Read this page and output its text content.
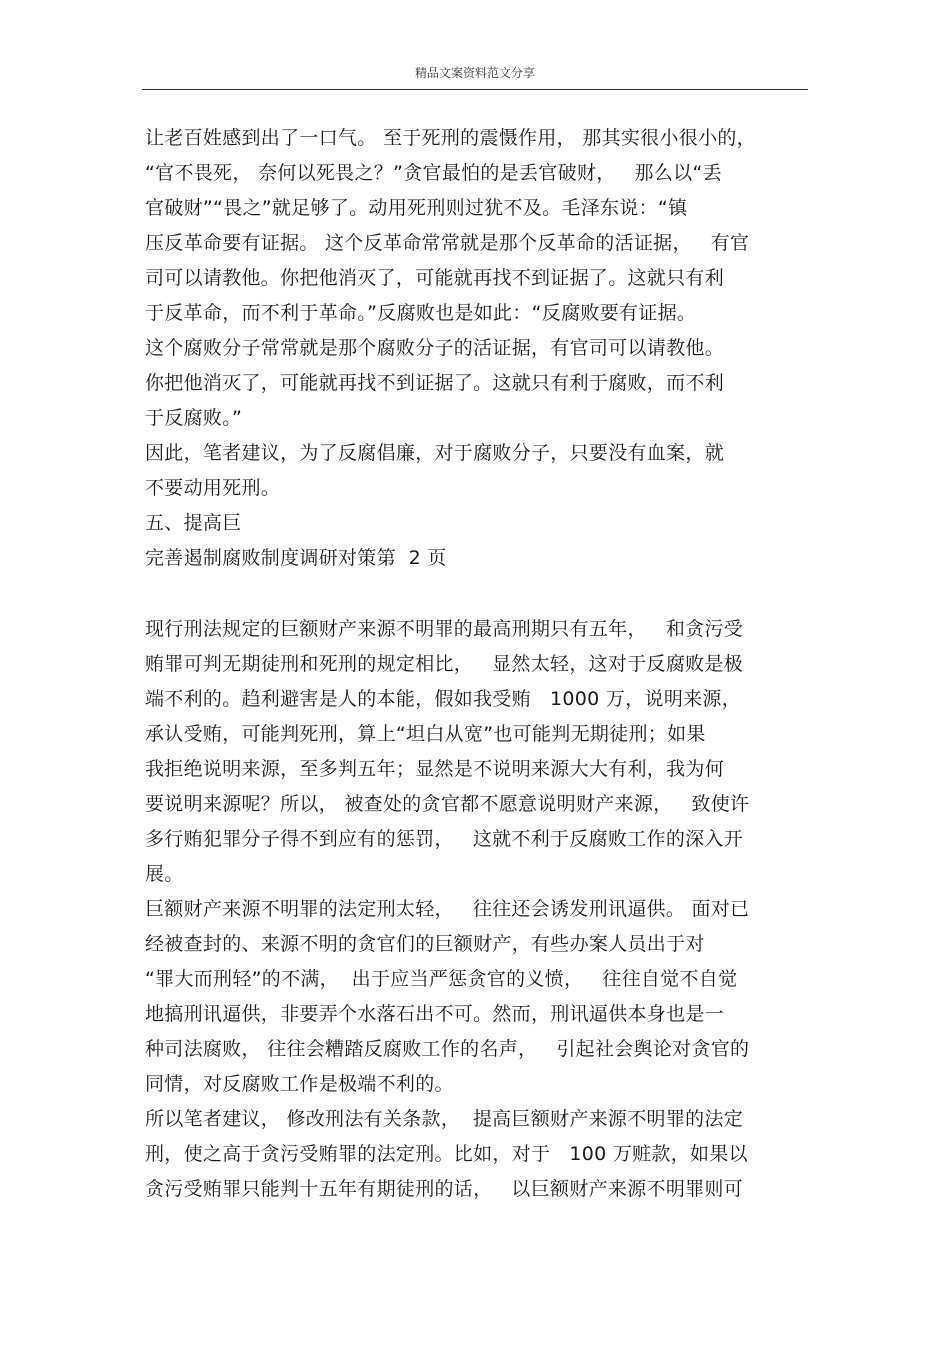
精品文案资料范文分享
让老百姓感到出了一口气。 至于死刑的震慑作用， 那其实很小很小的，
“官不畏死， 奈何以死畏之？”贪官最怕的是丢官破财，   那么以“丢
官破财”“畏之”就足够了。动用死刑则过犹不及。毛泽东说：“镇
压反革命要有证据。 这个反革命常常就是那个反革命的活证据，   有官
司可以请教他。你把他消灭了，可能就再找不到证据了。这就只有利
于反革命，而不利于革命。”反腐败也是如此：“反腐败要有证据。
这个腐败分子常常就是那个腐败分子的活证据，有官司可以请教他。
你把他消灭了，可能就再找不到证据了。这就只有利于腐败，而不利
于反腐败。”
因此，笔者建议，为了反腐倡廉，对于腐败分子，只要没有血案，就
不要动用死刑。
五、提高巨
完善遏制腐败制度调研对策第  2 页
现行刑法规定的巨额财产来源不明罪的最高刑期只有五年，   和贪污受
贿罪可判无期徒刑和死刑的规定相比，   显然太轻，这对于反腐败是极
端不利的。趋利避害是人的本能，假如我受贿   1000 万，说明来源，
承认受贿，可能判死刑，算上“坦白从宽”也可能判无期徒刑；如果
我拒绝说明来源，至多判五年；显然是不说明来源大大有利，我为何
要说明来源呢？所以， 被查处的贪官都不愿意说明财产来源，   致使许
多行贿犯罪分子得不到应有的惩罚，   这就不利于反腐败工作的深入开
展。
巨额财产来源不明罪的法定刑太轻，   往往还会诱发刑讯逼供。 面对已
经被查封的、来源不明的贪官们的巨额财产，有些办案人员出于对
“罪大而刑轻”的不满，  出于应当严惩贪官的义愤，   往往自觉不自觉
地搞刑讯逼供，非要弄个水落石出不可。然而，刑讯逼供本身也是一
种司法腐败， 往往会糟踏反腐败工作的名声，   引起社会舆论对贪官的
同情，对反腐败工作是极端不利的。
所以笔者建议， 修改刑法有关条款，  提高巨额财产来源不明罪的法定
刑，使之高于贪污受贿罪的法定刑。比如，对于   100 万赃款，如果以
贪污受贿罪只能判十五年有期徒刑的话，   以巨额财产来源不明罪则可
